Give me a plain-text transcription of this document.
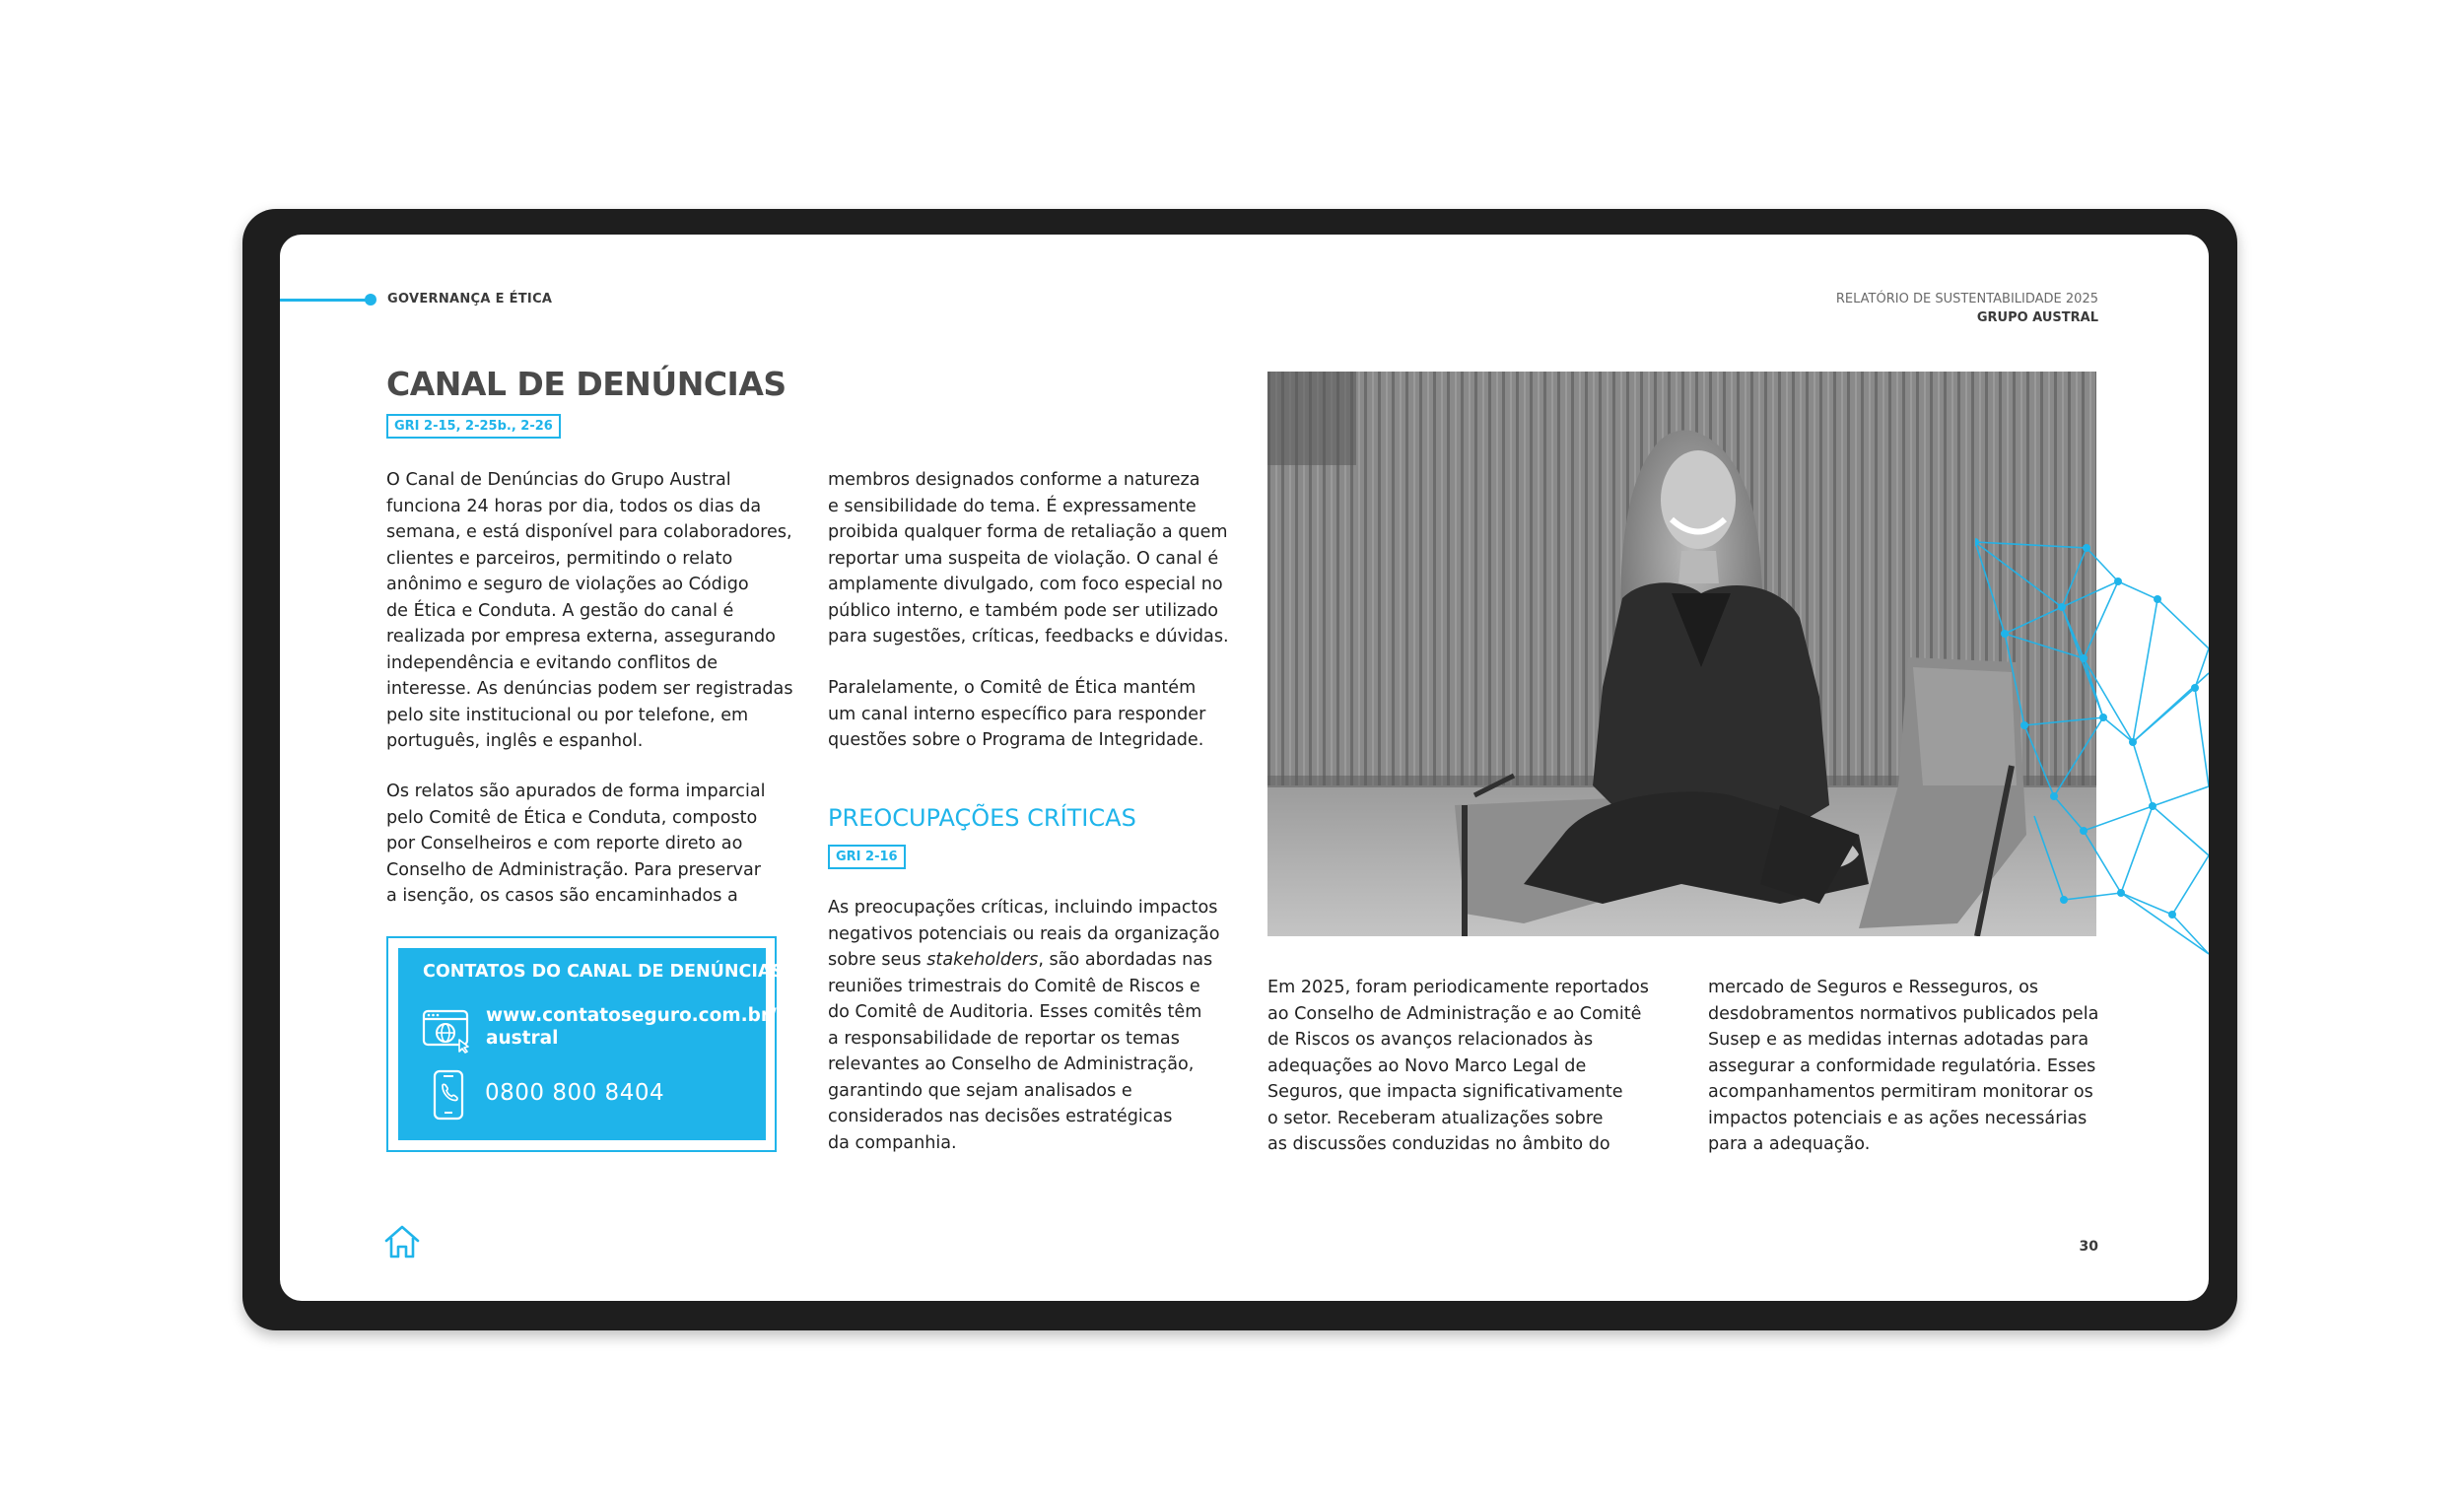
GOVERNANÇA E ÉTICA	RELATÓRIO DE SUSTENTABILIDADE 2025
GRUPO AUSTRAL
CANAL DE DENÚNCIAS
GRI 2-15, 2-25b., 2-26

O Canal de Denúncias do Grupo Austral
funciona 24 horas por dia, todos os dias da
semana, e está disponível para colaboradores,
clientes e parceiros, permitindo o relato
anônimo e seguro de violações ao Código
de Ética e Conduta. A gestão do canal é
realizada por empresa externa, assegurando
independência e evitando conflitos de
interesse. As denúncias podem ser registradas
pelo site institucional ou por telefone, em
português, inglês e espanhol.

Os relatos são apurados de forma imparcial
pelo Comitê de Ética e Conduta, composto
por Conselheiros e com reporte direto ao
Conselho de Administração. Para preservar
a isenção, os casos são encaminhados a

CONTATOS DO CANAL DE DENÚNCIAS
www.contatoseguro.com.br/
austral
0800 800 8404

membros designados conforme a natureza
e sensibilidade do tema. É expressamente
proibida qualquer forma de retaliação a quem
reportar uma suspeita de violação. O canal é
amplamente divulgado, com foco especial no
público interno, e também pode ser utilizado
para sugestões, críticas, feedbacks e dúvidas.

Paralelamente, o Comitê de Ética mantém
um canal interno específico para responder
questões sobre o Programa de Integridade.

PREOCUPAÇÕES CRÍTICAS
GRI 2-16

As preocupações críticas, incluindo impactos
negativos potenciais ou reais da organização
sobre seus stakeholders, são abordadas nas
reuniões trimestrais do Comitê de Riscos e
do Comitê de Auditoria. Esses comitês têm
a responsabilidade de reportar os temas
relevantes ao Conselho de Administração,
garantindo que sejam analisados e
considerados nas decisões estratégicas
da companhia.

Em 2025, foram periodicamente reportados
ao Conselho de Administração e ao Comitê
de Riscos os avanços relacionados às
adequações ao Novo Marco Legal de
Seguros, que impacta significativamente
o setor. Receberam atualizações sobre
as discussões conduzidas no âmbito do

mercado de Seguros e Resseguros, os
desdobramentos normativos publicados pela
Susep e as medidas internas adotadas para
assegurar a conformidade regulatória. Esses
acompanhamentos permitiram monitorar os
impactos potenciais e as ações necessárias
para a adequação.

30
